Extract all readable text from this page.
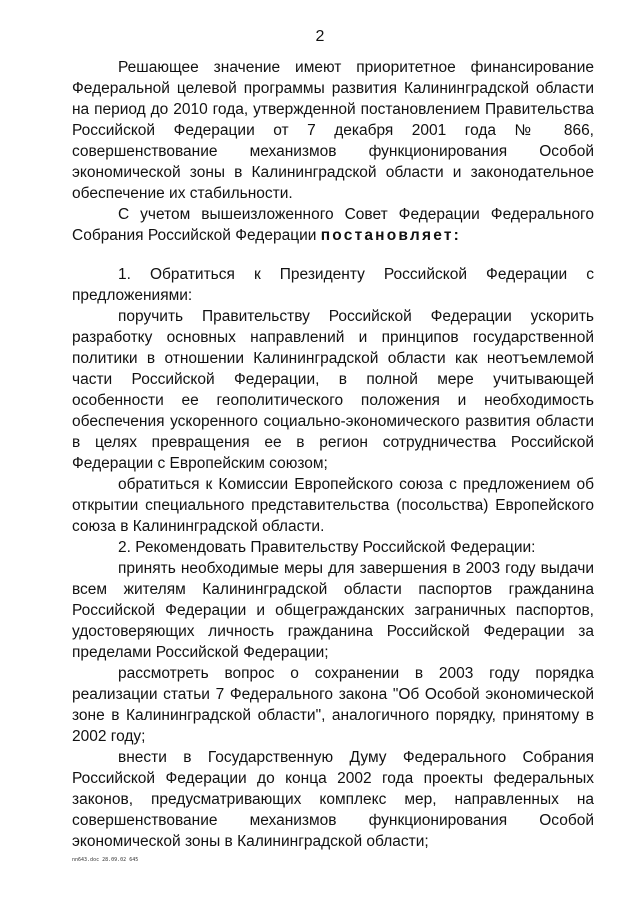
2

Решающее значение имеют приоритетное финансирование Федеральной целевой программы развития Калининградской области на период до 2010 года, утвержденной постановлением Правительства Российской Федерации от 7 декабря 2001 года № 866, совершенствование механизмов функционирования Особой экономической зоны в Калининградской области и законодательное обеспечение их стабильности.

С учетом вышеизложенного Совет Федерации Федерального Собрания Российской Федерации постановляет:

1. Обратиться к Президенту Российской Федерации с предложениями:

поручить Правительству Российской Федерации ускорить разработку основных направлений и принципов государственной политики в отношении Калининградской области как неотъемлемой части Российской Федерации, в полной мере учитывающей особенности ее геополитического положения и необходимость обеспечения ускоренного социально-экономического развития области в целях превращения ее в регион сотрудничества Российской Федерации с Европейским союзом;

обратиться к Комиссии Европейского союза с предложением об открытии специального представительства (посольства) Европейского союза в Калининградской области.

2. Рекомендовать Правительству Российской Федерации:

принять необходимые меры для завершения в 2003 году выдачи всем жителям Калининградской области паспортов гражданина Российской Федерации и общегражданских заграничных паспортов, удостоверяющих личность гражданина Российской Федерации за пределами Российской Федерации;

рассмотреть вопрос о сохранении в 2003 году порядка реализации статьи 7 Федерального закона "Об Особой экономической зоне в Калининградской области", аналогичного порядку, принятому в 2002 году;

внести в Государственную Думу Федерального Собрания Российской Федерации до конца 2002 года проекты федеральных законов, предусматривающих комплекс мер, направленных на совершенствование механизмов функционирования Особой экономической зоны в Калининградской области;

nn643.doc 28.09.02 645
